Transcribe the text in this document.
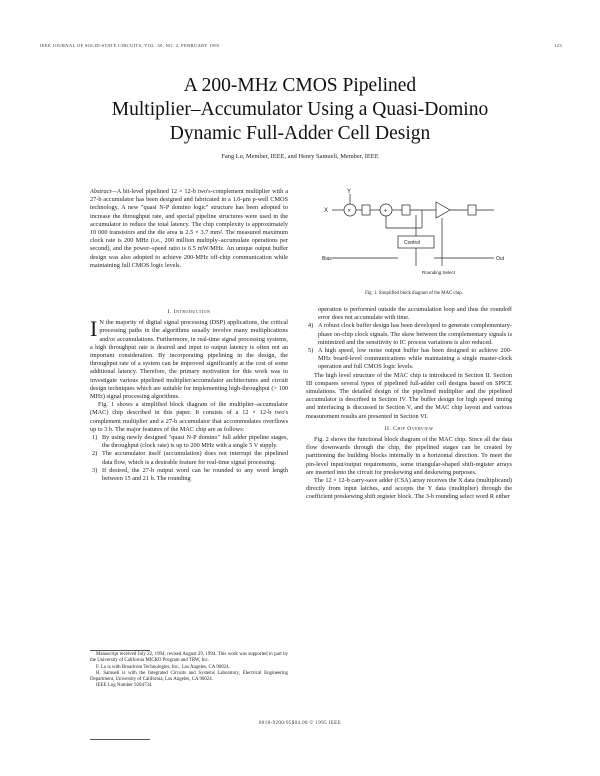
IEEE JOURNAL OF SOLID-STATE CIRCUITS, VOL. 30, NO. 2, FEBRUARY 1995	123
A 200-MHz CMOS Pipelined
Multiplier–Accumulator Using a Quasi-Domino
Dynamic Full-Adder Cell Design
Fang Lu, Member, IEEE, and Henry Samueli, Member, IEEE

Abstract—A bit-level pipelined 12 × 12-b two's-complement multiplier with a 27-b accumulator has been designed and fabricated in a 1.0-μm p-well CMOS technology. A new "quasi N-P domino logic" structure has been adopted to increase the throughput rate, and special pipeline structures were used in the accumulator to reduce the total latency. The chip complexity is approximately 10 000 transistors and the die area is 2.5 × 3.7 mm². The measured maximum clock rate is 200 MHz (i.e., 200 million multiply–accumulate operations per second), and the power–speed ratio is 6.5 mW/MHz. An unique output buffer design was also adopted to achieve 200-MHz off-chip communication while maintaining full CMOS logic levels.

X
Y
×	+
Control
Bias	Out
Rounding Select
Fig. 1. Simplified block diagram of the MAC chip.
I. Introduction

I N the majority of digital signal processing (DSP) applications, the critical processing paths in the algorithms usually involve many multiplications and/or accumulations. Furthermore, in real-time signal processing systems, a high throughput rate is desired and input to output latency is often not an important consideration. By incorporating pipelining in the design, the throughput rate of a system can be improved significantly at the cost of some additional latency. Therefore, the primary motivation for this work was to investigate various pipelined multiplier/accumulator architectures and circuit design techniques which are suitable for implementing high-throughput (> 100 MHz) signal processing algorithms.

Fig. 1 shows a simplified block diagram of the multiplier–accumulator (MAC) chip described in this paper. It consists of a 12 × 12-b two's complement multiplier and a 27-b accumulator that accommodates overflows up to 3 b. The major features of the MAC chip are as follows:

1) By using newly designed "quasi N-P domino" full adder pipeline stages, the throughput (clock rate) is up to 200 MHz with a single 5 V supply.
2) The accumulator itself (accumulation) does not interrupt the pipelined data flow, which is a desirable feature for real-time signal processing.
3) If desired, the 27-b output word can be rounded to any word length between 15 and 21 b. The rounding
Manuscript received July 22, 1994; revised August 29, 1994. This work was supported in part by the University of California MICRO Program and TRW, Inc.
F. Lu is with Broadcom Technologies, Inc., Los Angeles, CA 90024.
H. Samueli is with the Integrated Circuits and Systems Laboratory, Electrical Engineering Department, University of California, Los Angeles, CA 90024.
IEEE Log Number 9204734.

operation is performed outside the accumulation loop and thus the roundoff error does not accumulate with time.

4) A robust clock buffer design has been developed to generate complementary-phase on-chip clock signals. The skew between the complementary signals is minimized and the sensitivity to IC process variations is also reduced.
5) A high speed, low noise output buffer has been designed to achieve 200-MHz board-level communications while maintaining a single master-clock operation and full CMOS logic levels.

The high level structure of the MAC chip is introduced in Section II. Section III compares several types of pipelined full-adder cell designs based on SPICE simulations. The detailed design of the pipelined multiplier and the pipelined accumulator is described in Section IV. The buffer design for high speed timing and interfacing is discussed in Section V, and the MAC chip layout and various measurement results are presented in Section VI.

II. Chip Overview

Fig. 2 shows the functional block diagram of the MAC chip. Since all the data flow downwards through the chip, the pipelined stages can be created by partitioning the building blocks internally in a horizontal direction. To meet the pin-level input/output requirements, some triangular-shaped shift-register arrays are inserted into the circuit for preskewing and deskewing purposes.

The 12 × 12-b carry-save adder (CSA) array receives the X data (multiplicand) directly from input latches, and accepts the Y data (multiplier) through the coefficient preskewing shift register block. The 3-b rounding select word R either

0018-9200/95$04.00 © 1995 IEEE
